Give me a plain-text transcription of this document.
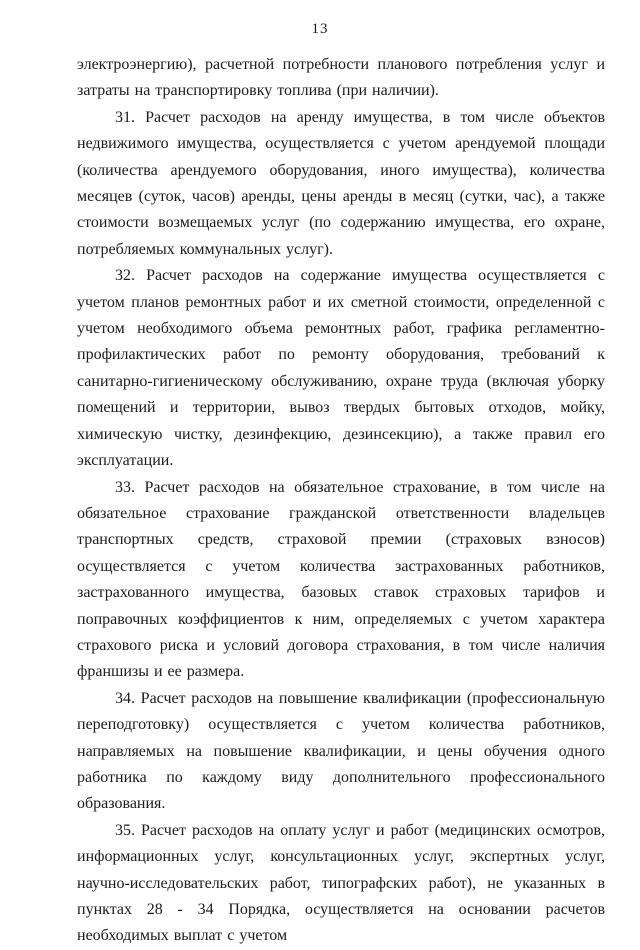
13

электроэнергию), расчетной потребности планового потребления услуг и затраты на транспортировку топлива (при наличии).

31. Расчет расходов на аренду имущества, в том числе объектов недвижимого имущества, осуществляется с учетом арендуемой площади (количества арендуемого оборудования, иного имущества), количества месяцев (суток, часов) аренды, цены аренды в месяц (сутки, час), а также стоимости возмещаемых услуг (по содержанию имущества, его охране, потребляемых коммунальных услуг).

32. Расчет расходов на содержание имущества осуществляется с учетом планов ремонтных работ и их сметной стоимости, определенной с учетом необходимого объема ремонтных работ, графика регламентно-профилактических работ по ремонту оборудования, требований к санитарно-гигиеническому обслуживанию, охране труда (включая уборку помещений и территории, вывоз твердых бытовых отходов, мойку, химическую чистку, дезинфекцию, дезинсекцию), а также правил его эксплуатации.

33. Расчет расходов на обязательное страхование, в том числе на обязательное страхование гражданской ответственности владельцев транспортных средств, страховой премии (страховых взносов) осуществляется с учетом количества застрахованных работников, застрахованного имущества, базовых ставок страховых тарифов и поправочных коэффициентов к ним, определяемых с учетом характера страхового риска и условий договора страхования, в том числе наличия франшизы и ее размера.

34. Расчет расходов на повышение квалификации (профессиональную переподготовку) осуществляется с учетом количества работников, направляемых на повышение квалификации, и цены обучения одного работника по каждому виду дополнительного профессионального образования.

35. Расчет расходов на оплату услуг и работ (медицинских осмотров, информационных услуг, консультационных услуг, экспертных услуг, научно-исследовательских работ, типографских работ), не указанных в пунктах 28 - 34 Порядка, осуществляется на основании расчетов необходимых выплат с учетом
